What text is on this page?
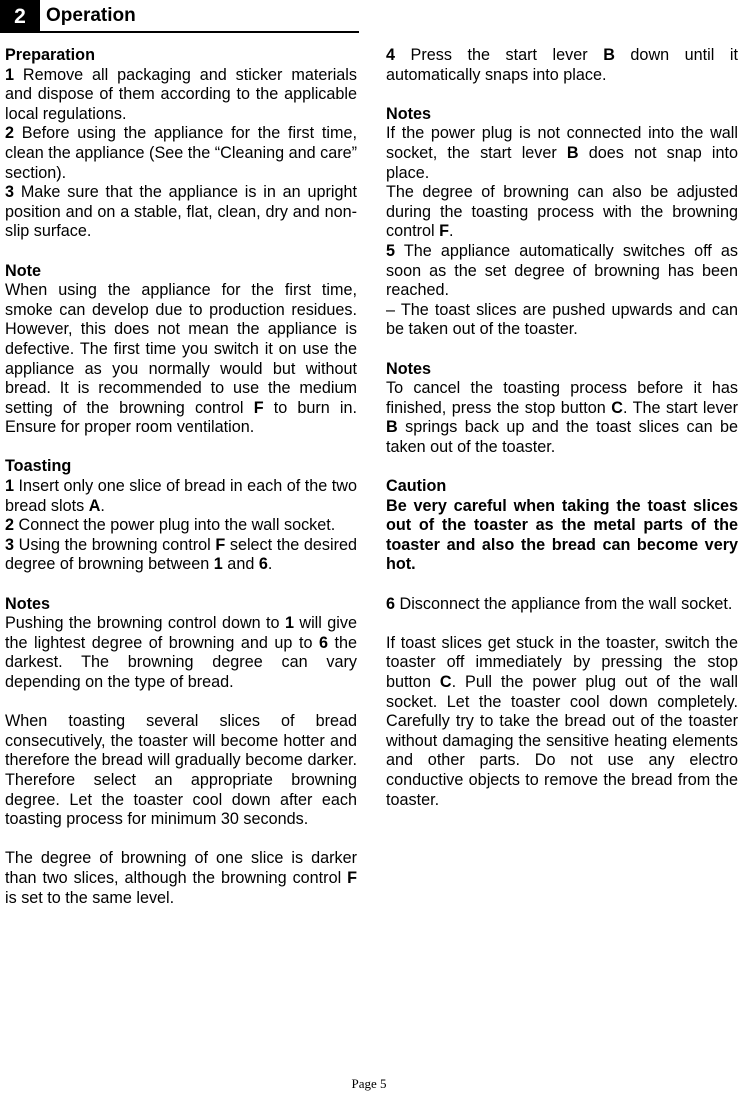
2	Operation

Preparation

1 Remove all packaging and sticker materials and dispose of them according to the applicable local regulations.

2 Before using the appliance for the first time, clean the appliance (See the “Cleaning and care” section).

3 Make sure that the appliance is in an upright position and on a stable, flat, clean, dry and non-slip surface.

Note

When using the appliance for the first time, smoke can develop due to production residues. However, this does not mean the appliance is defective. The first time you switch it on use the appliance as you normally would but without bread. It is recommended to use the medium setting of the browning control F to burn in. Ensure for proper room ventilation.

Toasting

1 Insert only one slice of bread in each of the two bread slots A.

2 Connect the power plug into the wall socket.

3 Using the browning control F select the desired degree of browning between 1 and 6.

Notes

Pushing the browning control down to 1 will give the lightest degree of browning and up to 6 the darkest. The browning degree can vary depending on the type of bread.

When toasting several slices of bread consecutively, the toaster will become hotter and therefore the bread will gradually become darker. Therefore select an appropriate browning degree. Let the toaster cool down after each toasting process for minimum 30 seconds.

The degree of browning of one slice is darker than two slices, although the browning control F is set to the same level.

4 Press the start lever B down until it automatically snaps into place.

Notes

If the power plug is not connected into the wall socket, the start lever B does not snap into place.

The degree of browning can also be adjusted during the toasting process with the browning control F.

5 The appliance automatically switches off as soon as the set degree of browning has been reached.

– The toast slices are pushed upwards and can be taken out of the toaster.

Notes

To cancel the toasting process before it has finished, press the stop button C. The start lever B springs back up and the toast slices can be taken out of the toaster.

Caution

Be very careful when taking the toast slices out of the toaster as the metal parts of the toaster and also the bread can become very hot.

6 Disconnect the appliance from the wall socket.

If toast slices get stuck in the toaster, switch the toaster off immediately by pressing the stop button C. Pull the power plug out of the wall socket. Let the toaster cool down completely. Carefully try to take the bread out of the toaster without damaging the sensitive heating elements and other parts. Do not use any electro conductive objects to remove the bread from the toaster.

Page 5
